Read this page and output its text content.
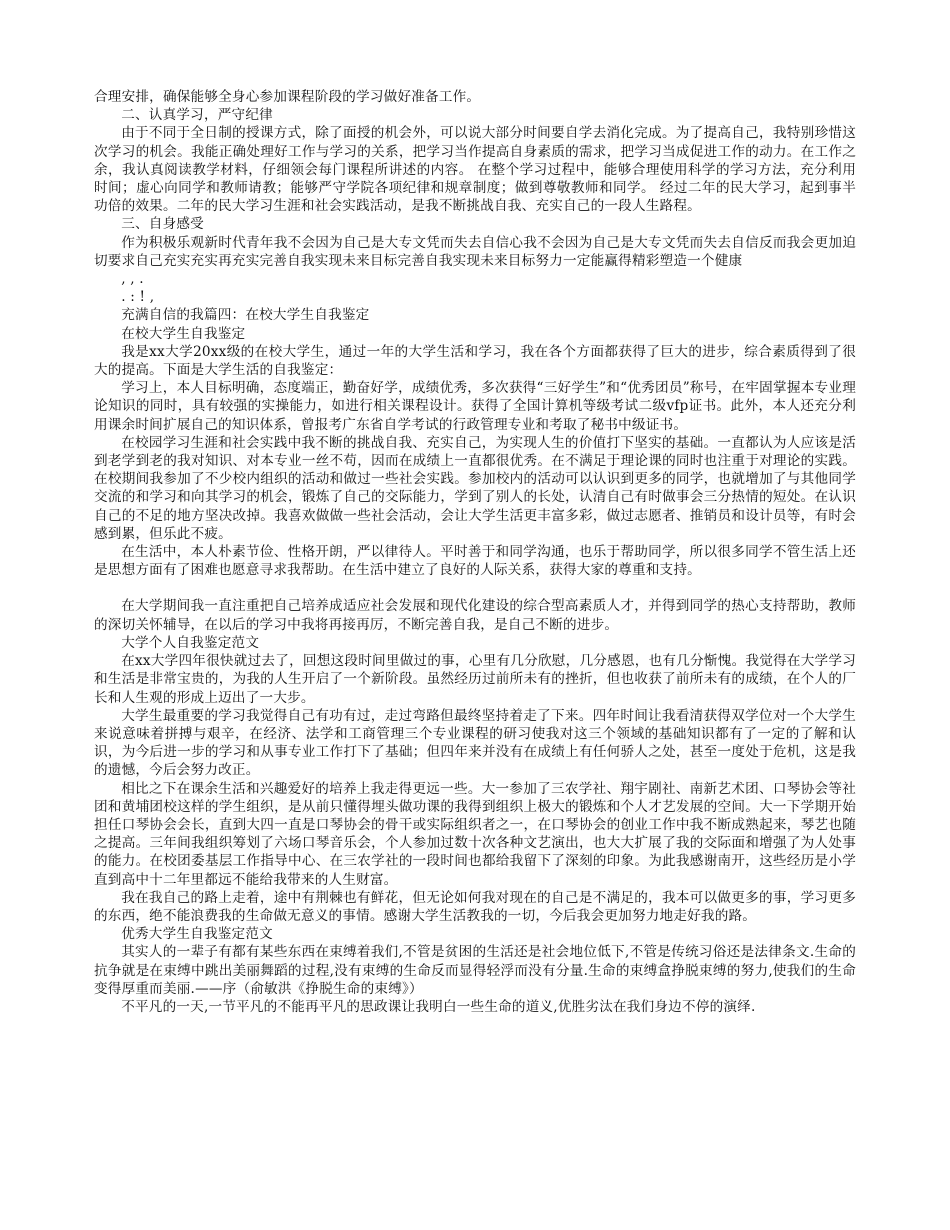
合理安排，确保能够全身心参加课程阶段的学习做好准备工作。

二、认真学习，严守纪律

由于不同于全日制的授课方式，除了面授的机会外，可以说大部分时间要自学去消化完成。为了提高自己，我特别珍惜这次学习的机会。我能正确处理好工作与学习的关系，把学习当作提高自身素质的需求，把学习当成促进工作的动力。在工作之余，我认真阅读教学材料，仔细领会每门课程所讲述的内容。 在整个学习过程中，能够合理使用科学的学习方法，充分利用时间；虚心向同学和教师请教；能够严守学院各项纪律和规章制度；做到尊敬教师和同学。 经过二年的民大学习，起到事半功倍的效果。二年的民大学习生涯和社会实践活动，是我不断挑战自我、充实自己的一段人生路程。

三、自身感受

作为积极乐观新时代青年我不会因为自己是大专文凭而失去自信心我不会因为自己是大专文凭而失去自信反而我会更加迫切要求自己充实充实再充实完善自我实现未来目标完善自我实现未来目标努力一定能赢得精彩塑造一个健康

, , .

. : ! ,

充满自信的我篇四：在校大学生自我鉴定

在校大学生自我鉴定

我是xx大学20xx级的在校大学生，通过一年的大学生活和学习，我在各个方面都获得了巨大的进步，综合素质得到了很大的提高。下面是大学生活的自我鉴定：

学习上，本人目标明确，态度端正，勤奋好学，成绩优秀，多次获得“三好学生”和“优秀团员”称号，在牢固掌握本专业理论知识的同时，具有较强的实操能力，如进行相关课程设计。获得了全国计算机等级考试二级vfp证书。此外，本人还充分利用课余时间扩展自己的知识体系，曾报考广东省自学考试的行政管理专业和考取了秘书中级证书。

在校园学习生涯和社会实践中我不断的挑战自我、充实自己，为实现人生的价值打下坚实的基础。一直都认为人应该是活到老学到老的我对知识、对本专业一丝不苟，因而在成绩上一直都很优秀。在不满足于理论课的同时也注重于对理论的实践。在校期间我参加了不少校内组织的活动和做过一些社会实践。参加校内的活动可以认识到更多的同学，也就增加了与其他同学交流的和学习和向其学习的机会，锻炼了自己的交际能力，学到了别人的长处，认清自己有时做事会三分热情的短处。在认识自己的不足的地方坚决改掉。我喜欢做做一些社会活动，会让大学生活更丰富多彩，做过志愿者、推销员和设计员等，有时会感到累，但乐此不疲。

在生活中，本人朴素节俭、性格开朗，严以律待人。平时善于和同学沟通，也乐于帮助同学，所以很多同学不管生活上还是思想方面有了困难也愿意寻求我帮助。在生活中建立了良好的人际关系，获得大家的尊重和支持。

在大学期间我一直注重把自己培养成适应社会发展和现代化建设的综合型高素质人才，并得到同学的热心支持帮助，教师的深切关怀辅导，在以后的学习中我将再接再厉，不断完善自我，是自己不断的进步。

大学个人自我鉴定范文

在xx大学四年很快就过去了，回想这段时间里做过的事，心里有几分欣慰，几分感恩，也有几分惭愧。我觉得在大学学习和生活是非常宝贵的，为我的人生开启了一个新阶段。虽然经历过前所未有的挫折，但也收获了前所未有的成绩，在个人的厂长和人生观的形成上迈出了一大步。

大学生最重要的学习我觉得自己有功有过，走过弯路但最终坚持着走了下来。四年时间让我看清获得双学位对一个大学生来说意味着拼搏与艰辛，在经济、法学和工商管理三个专业课程的研习使我对这三个领域的基础知识都有了一定的了解和认识，为今后进一步的学习和从事专业工作打下了基础；但四年来并没有在成绩上有任何骄人之处，甚至一度处于危机，这是我的遗憾，今后会努力改正。

相比之下在课余生活和兴趣爱好的培养上我走得更远一些。大一参加了三农学社、翔宇剧社、南新艺术团、口琴协会等社团和黄埔团校这样的学生组织，是从前只懂得埋头做功课的我得到组织上极大的锻炼和个人才艺发展的空间。大一下学期开始担任口琴协会会长，直到大四一直是口琴协会的骨干或实际组织者之一，在口琴协会的创业工作中我不断成熟起来，琴艺也随之提高。三年间我组织筹划了六场口琴音乐会，个人参加过数十次各种文艺演出，也大大扩展了我的交际面和增强了为人处事的能力。在校团委基层工作指导中心、在三农学社的一段时间也都给我留下了深刻的印象。为此我感谢南开，这些经历是小学直到高中十二年里都远不能给我带来的人生财富。

我在我自己的路上走着，途中有荆棘也有鲜花，但无论如何我对现在的自己是不满足的，我本可以做更多的事，学习更多的东西，绝不能浪费我的生命做无意义的事情。感谢大学生活教我的一切，今后我会更加努力地走好我的路。

优秀大学生自我鉴定范文

其实人的一辈子有都有某些东西在束缚着我们,不管是贫困的生活还是社会地位低下,不管是传统习俗还是法律条文.生命的抗争就是在束缚中跳出美丽舞蹈的过程,没有束缚的生命反而显得轻浮而没有分量.生命的束缚盒挣脱束缚的努力,使我们的生命变得厚重而美丽.——序（俞敏洪《挣脱生命的束缚》）

不平凡的一天,一节平凡的不能再平凡的思政课让我明白一些生命的道义,优胜劣汰在我们身边不停的演绎.
